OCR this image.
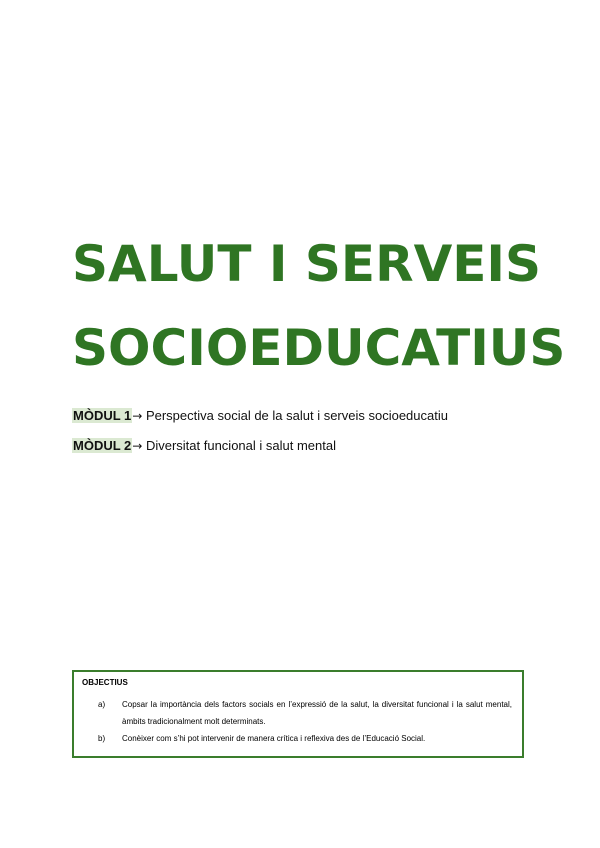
SALUT I SERVEIS
SOCIOEDUCATIUS
MÒDUL 1→ Perspectiva social de la salut i serveis socioeducatiu
MÒDUL 2→ Diversitat funcional i salut mental
OBJECTIUS
a) Copsar la importància dels factors socials en l’expressió de la salut, la diversitat funcional i la salut mental, àmbits tradicionalment molt determinats.
b) Conèixer com s’hi pot intervenir de manera crítica i reflexiva des de l’Educació Social.
